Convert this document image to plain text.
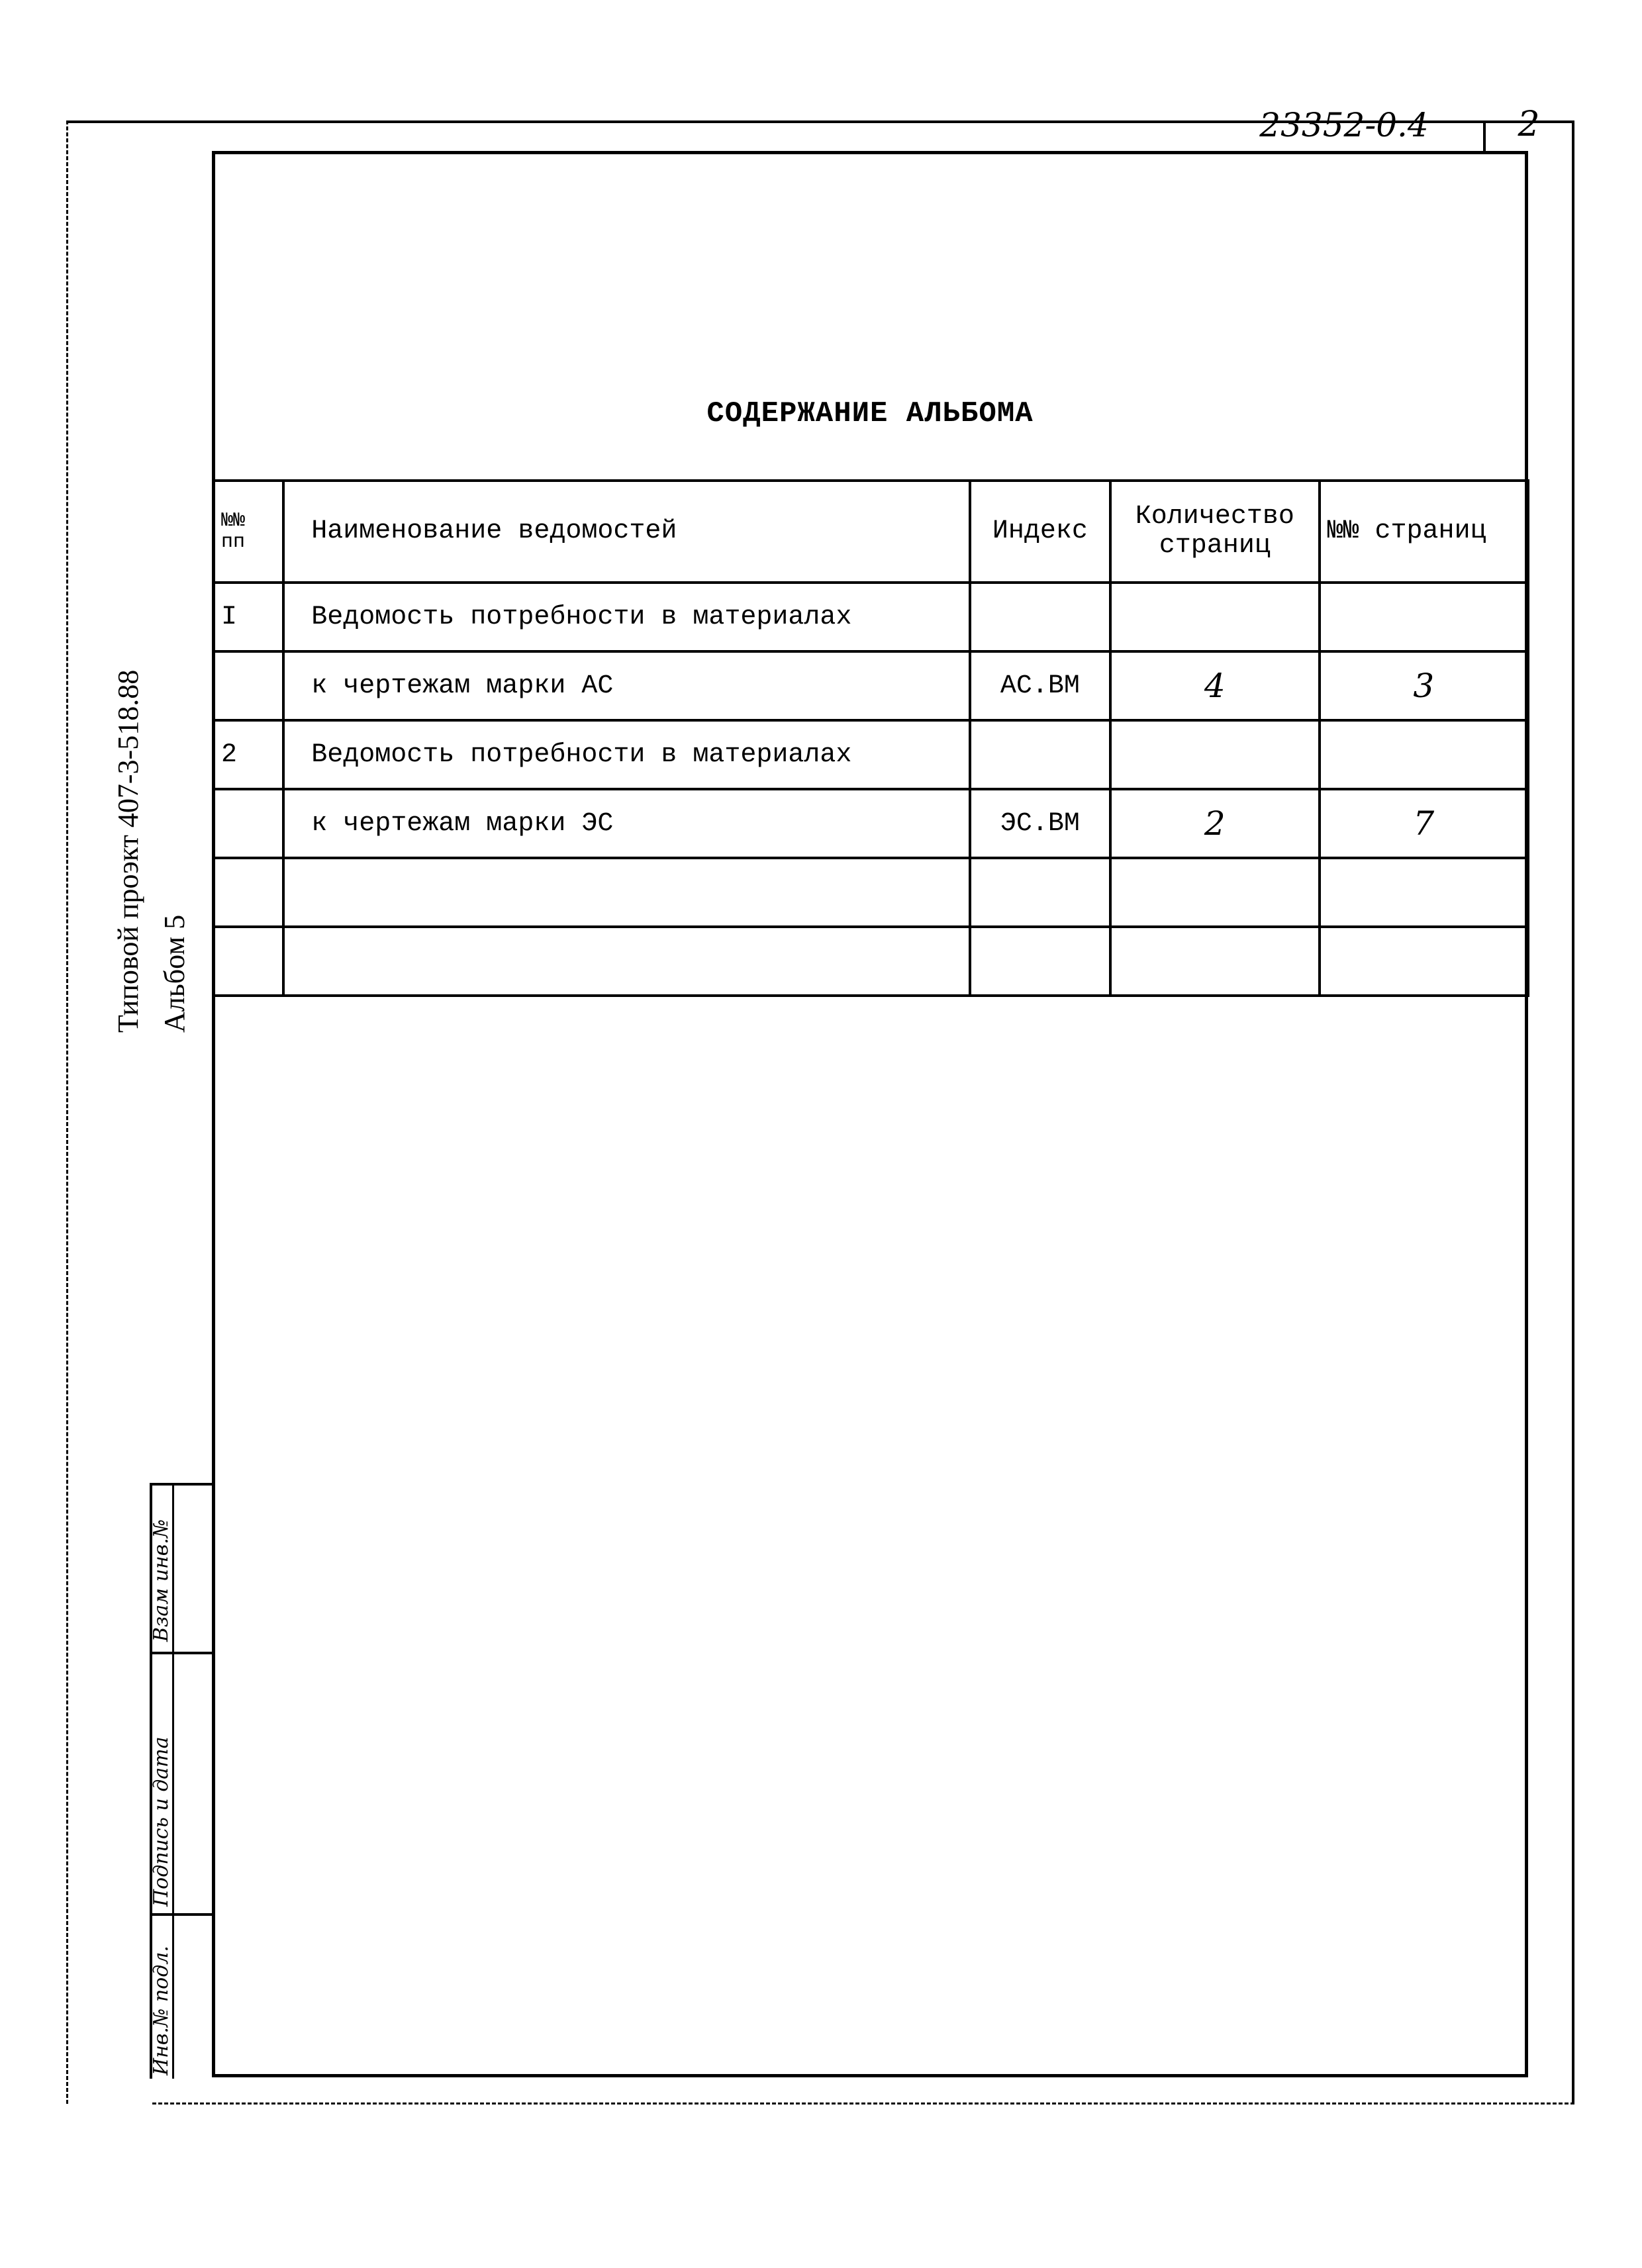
23352-0.4	2
СОДЕРЖАНИЕ АЛЬБОМА
№№ пп	Наименование ведомостей	Индекс	Количество страниц	№№ страниц
I	Ведомость потребности в материалах			
	к чертежам марки АС	АС.ВМ	4	3
2	Ведомость потребности в материалах			
	к чертежам марки ЭС	ЭС.ВМ	2	7

Типовой проэкт 407-3-518.88 Альбом 5
Взам инв.№
Подпись и дата
Инв.№ подл.
